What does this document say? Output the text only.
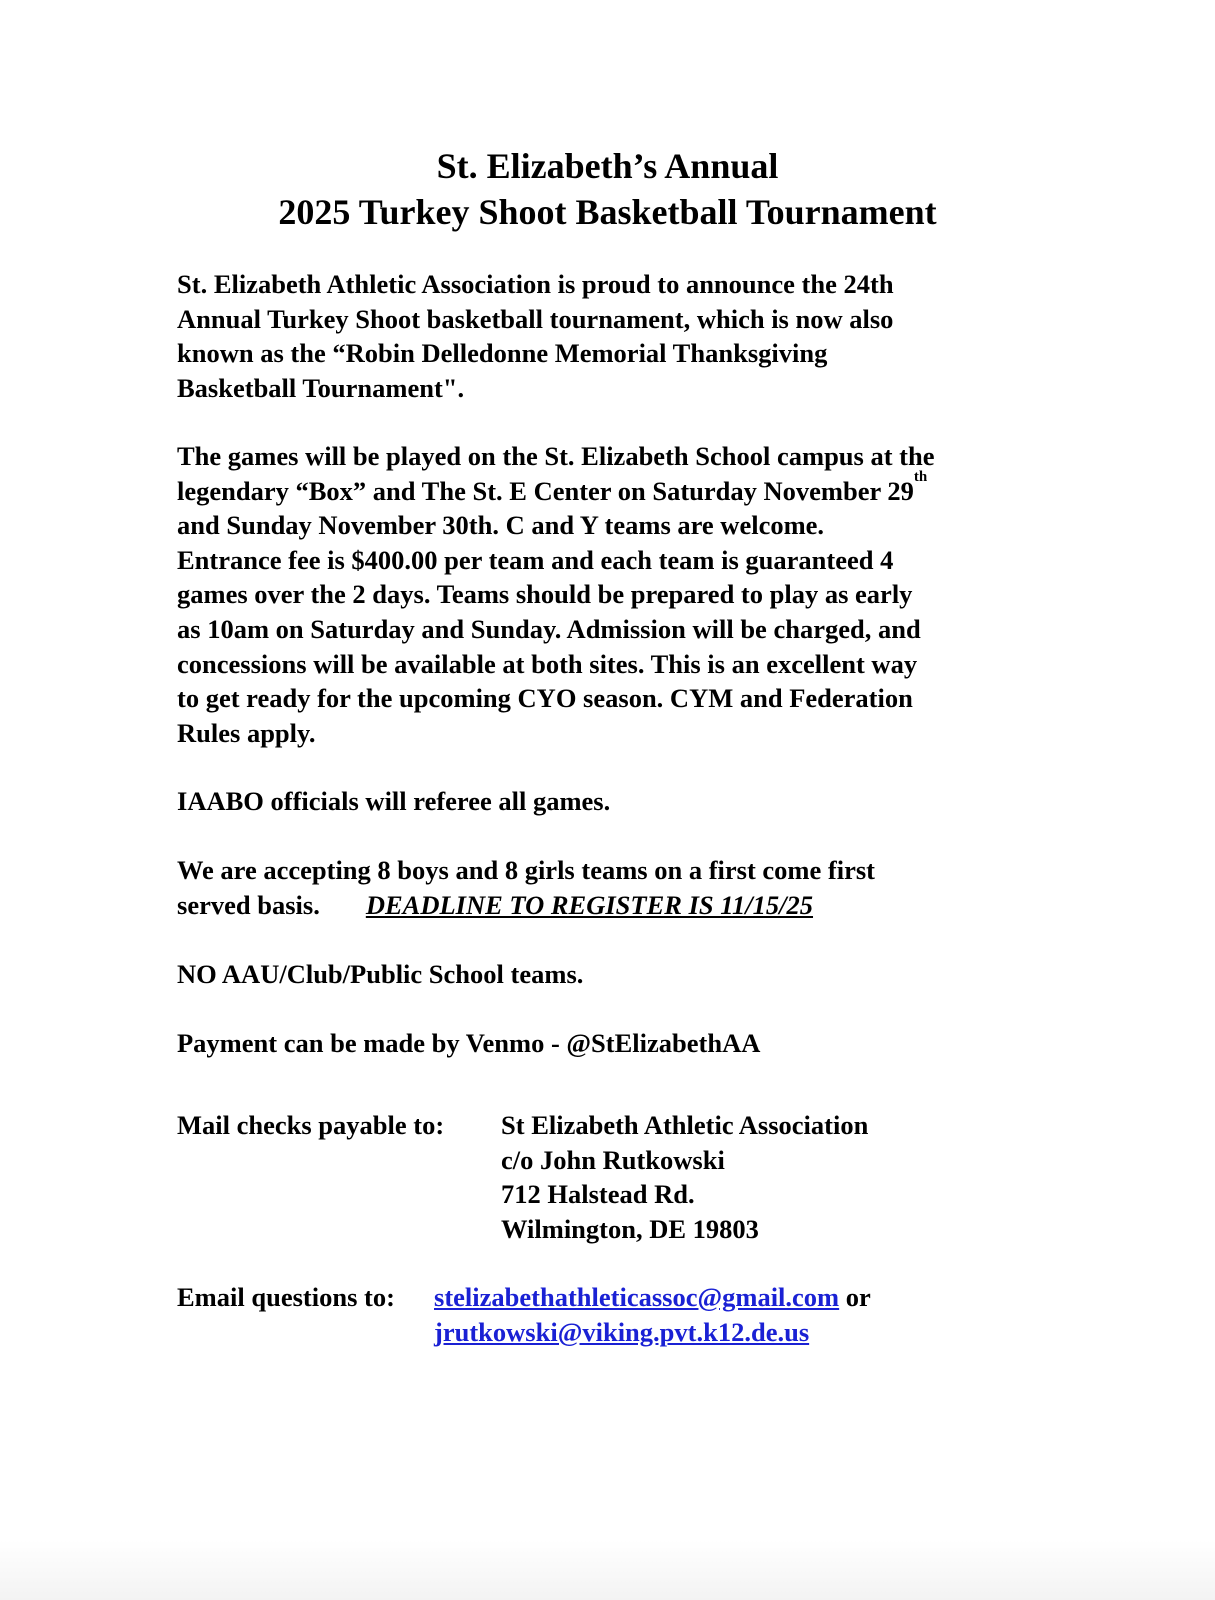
St. Elizabeth’s Annual
2025 Turkey Shoot Basketball Tournament
St. Elizabeth Athletic Association is proud to announce the 24th
Annual Turkey Shoot basketball tournament, which is now also
known as the “Robin Delledonne Memorial Thanksgiving
Basketball Tournament".
The games will be played on the St. Elizabeth School campus at the
legendary “Box” and The St. E Center on Saturday November 29th
and Sunday November 30th. C and Y teams are welcome.
Entrance fee is $400.00 per team and each team is guaranteed 4
games over the 2 days. Teams should be prepared to play as early
as 10am on Saturday and Sunday. Admission will be charged, and
concessions will be available at both sites. This is an excellent way
to get ready for the upcoming CYO season. CYM and Federation
Rules apply.
IAABO officials will referee all games.
We are accepting 8 boys and 8 girls teams on a first come first
served basis. DEADLINE TO REGISTER IS 11/15/25
NO AAU/Club/Public School teams.
Payment can be made by Venmo - @StElizabethAA
Mail checks payable to: St Elizabeth Athletic Association
c/o John Rutkowski
712 Halstead Rd.
Wilmington, DE 19803
Email questions to: stelizabethathleticassoc@gmail.com or
jrutkowski@viking.pvt.k12.de.us
